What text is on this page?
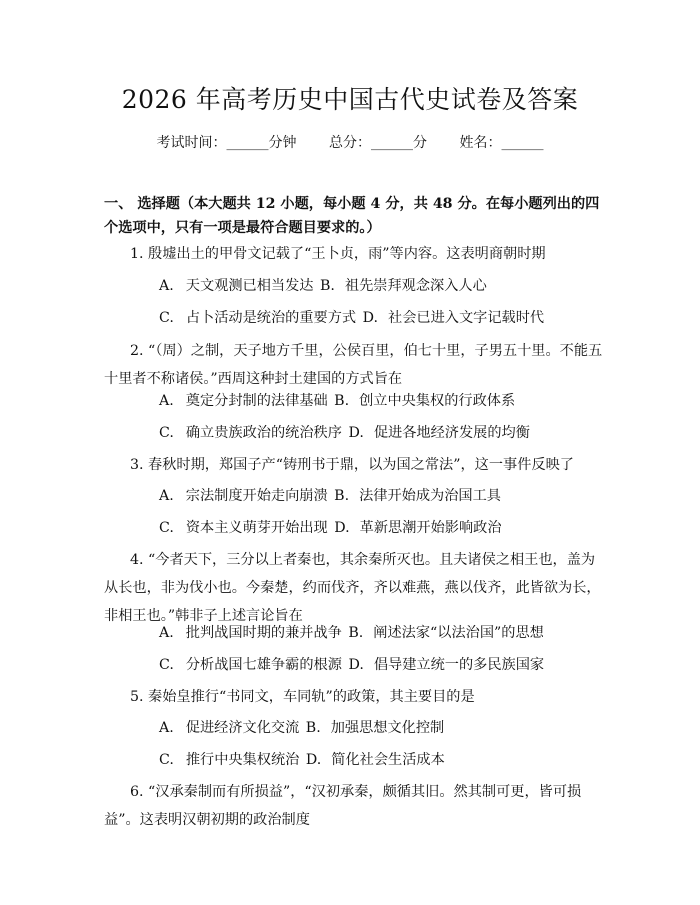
2026 年高考历史中国古代史试卷及答案
考试时间：______分钟 总分：______分 姓名：______
一、 选择题（本大题共 12 小题，每小题 4 分，共 48 分。在每小题列出的四个选项中，只有一项是最符合题目要求的。）
1. 殷墟出土的甲骨文记载了“王卜贞，雨”等内容。这表明商朝时期
A. 天文观测已相当发达 B. 祖先崇拜观念深入人心
C. 占卜活动是统治的重要方式 D. 社会已进入文字记载时代
2. “（周）之制，天子地方千里，公侯百里，伯七十里，子男五十里。不能五十里者不称诸侯。”西周这种封土建国的方式旨在
A. 奠定分封制的法律基础 B. 创立中央集权的行政体系
C. 确立贵族政治的统治秩序 D. 促进各地经济发展的均衡
3. 春秋时期，郑国子产“铸刑书于鼎，以为国之常法”，这一事件反映了
A. 宗法制度开始走向崩溃 B. 法律开始成为治国工具
C. 资本主义萌芽开始出现 D. 革新思潮开始影响政治
4. “今者天下，三分以上者秦也，其余秦所灭也。且夫诸侯之相王也，盖为从长也，非为伐小也。今秦楚，约而伐齐，齐以难燕，燕以伐齐，此皆欲为长，非相王也。”韩非子上述言论旨在
A. 批判战国时期的兼并战争 B. 阐述法家“以法治国”的思想
C. 分析战国七雄争霸的根源 D. 倡导建立统一的多民族国家
5. 秦始皇推行“书同文，车同轨”的政策，其主要目的是
A. 促进经济文化交流 B. 加强思想文化控制
C. 推行中央集权统治 D. 简化社会生活成本
6. “汉承秦制而有所损益”，“汉初承秦，颇循其旧。然其制可更，皆可损益”。这表明汉朝初期的政治制度
